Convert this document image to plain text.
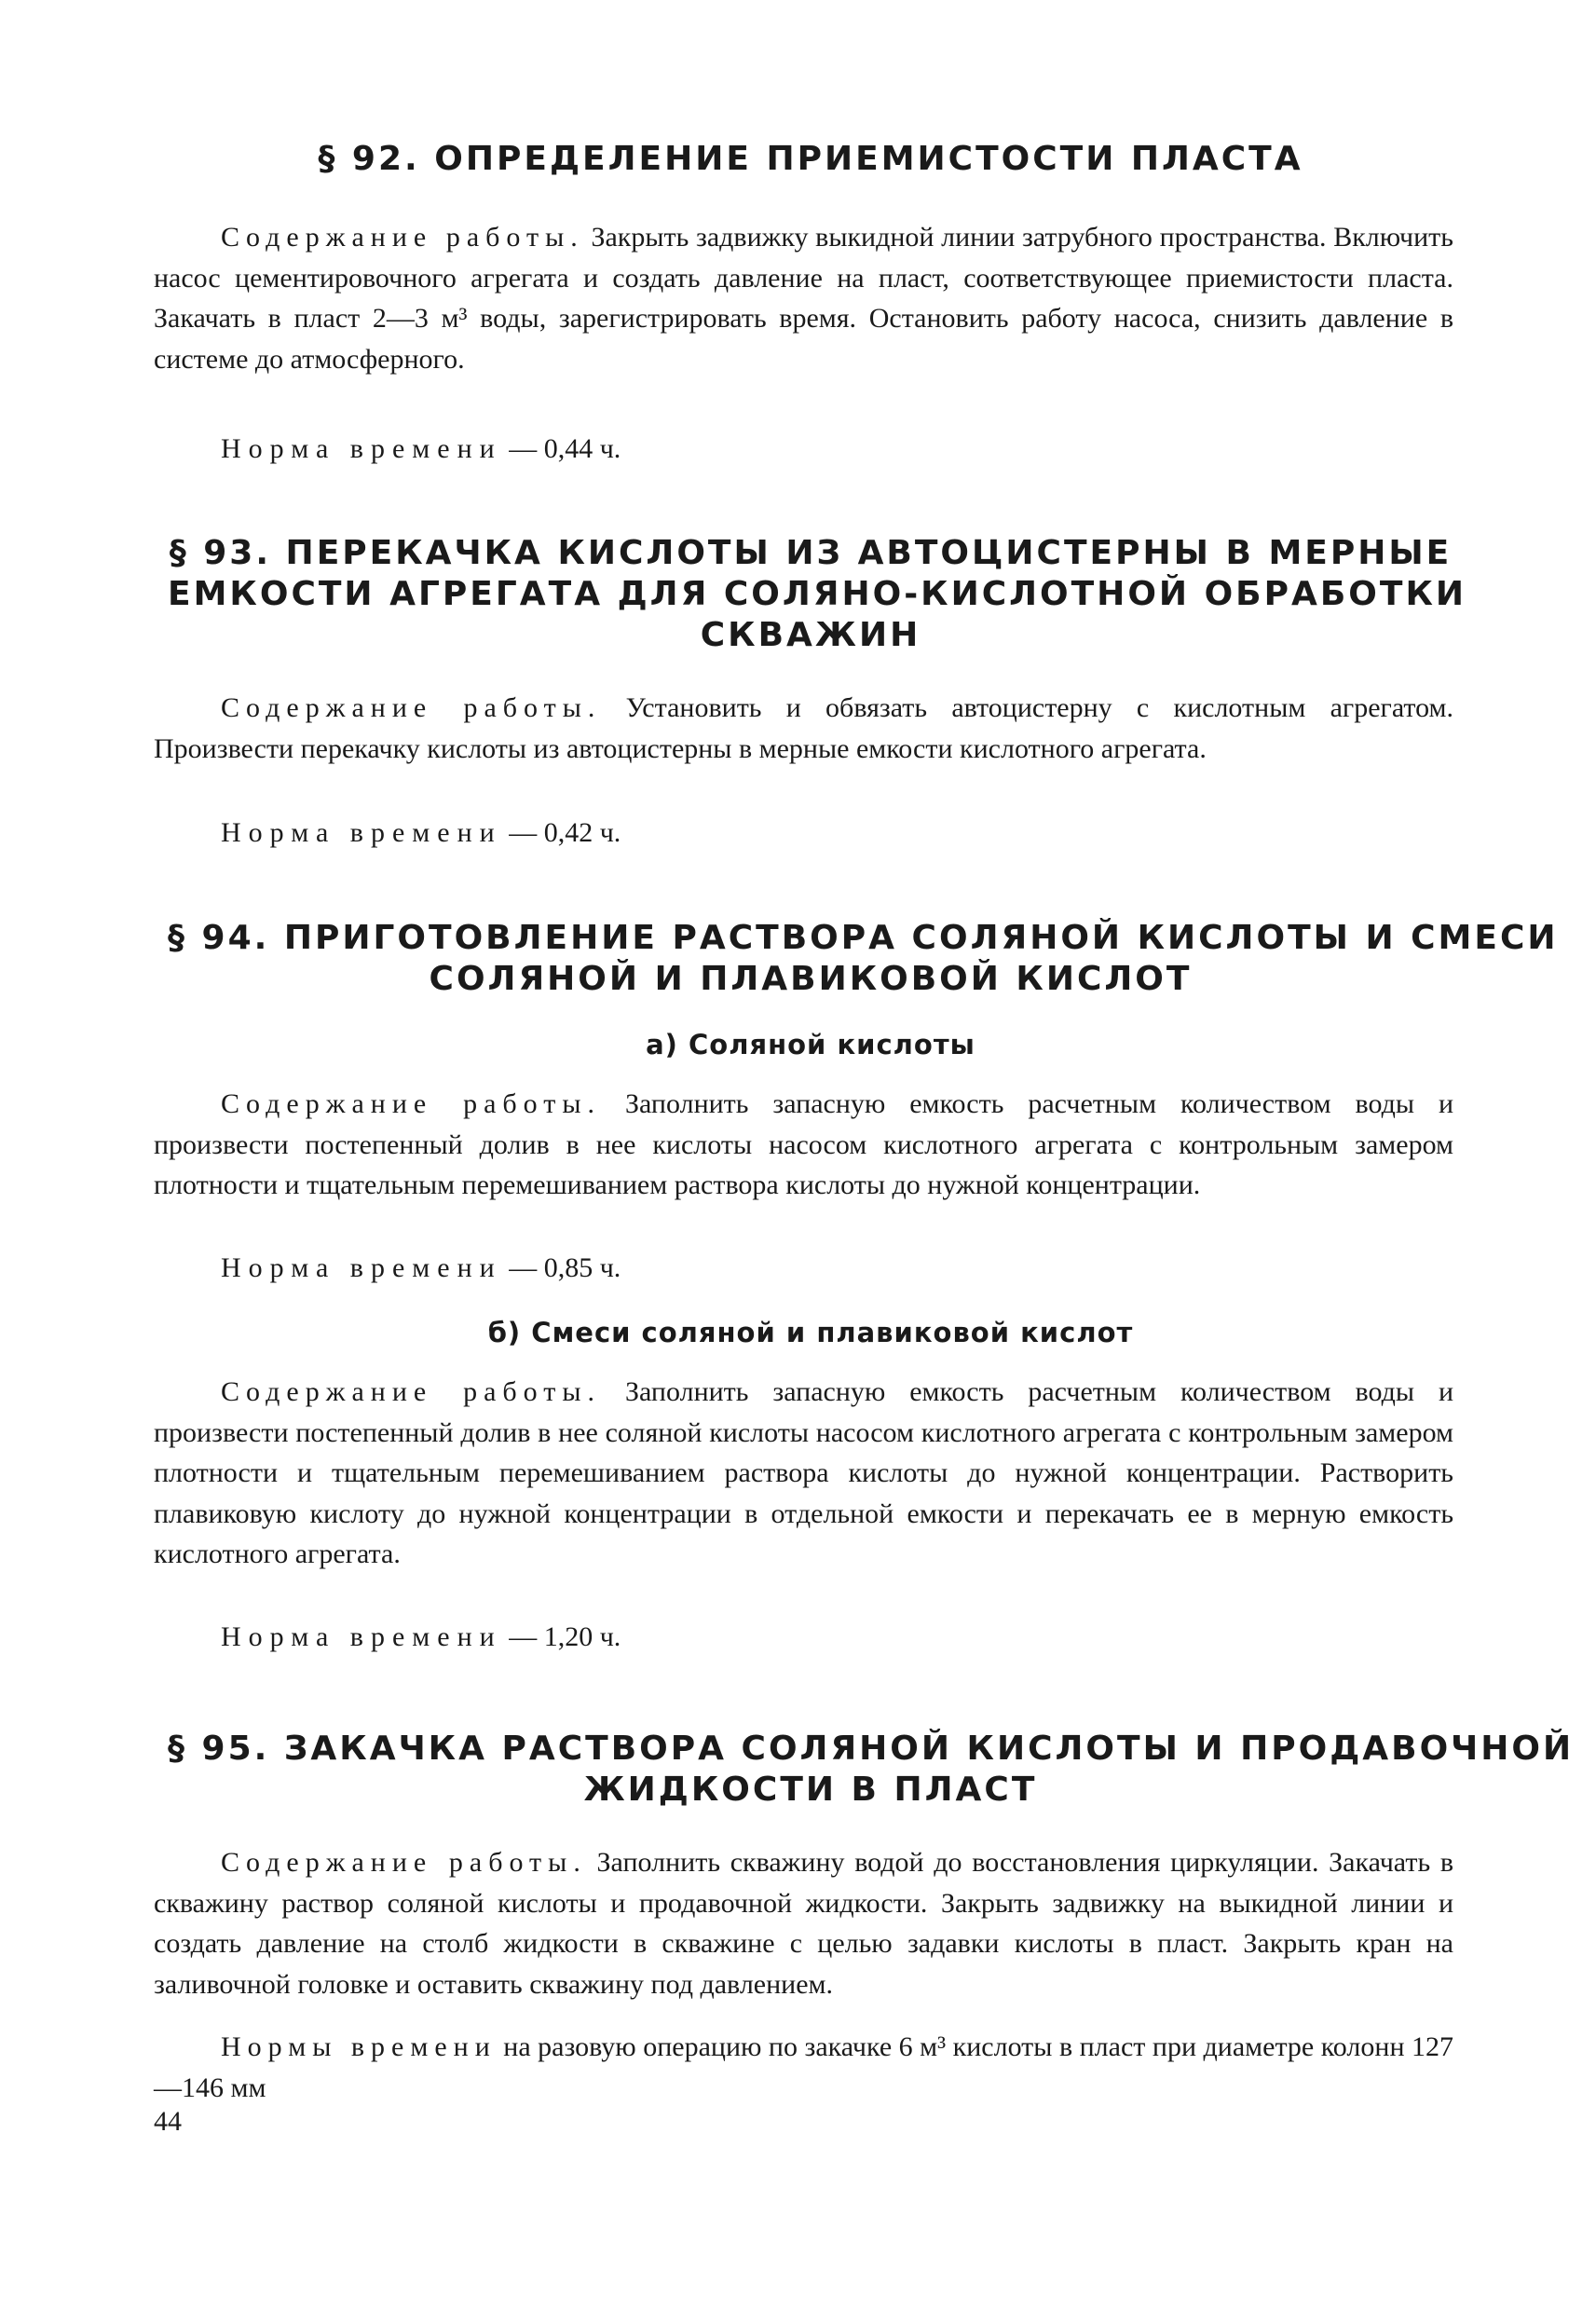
§ 92. ОПРЕДЕЛЕНИЕ ПРИЕМИСТОСТИ ПЛАСТА

Содержание работы. Закрыть задвижку выкидной линии затрубного пространства. Включить насос цементировочного агрегата и создать давление на пласт, соответствующее приемистости пласта. Закачать в пласт 2—3 м³ воды, зарегистрировать время. Остановить работу насоса, снизить давление в системе до атмосферного.

Норма времени — 0,44 ч.

§ 93. ПЕРЕКАЧКА КИСЛОТЫ ИЗ АВТОЦИСТЕРНЫ В МЕРНЫЕ
ЕМКОСТИ АГРЕГАТА ДЛЯ СОЛЯНО-КИСЛОТНОЙ ОБРАБОТКИ
СКВАЖИН

Содержание работы. Установить и обвязать автоцистерну с кислотным агрегатом. Произвести перекачку кислоты из автоцистерны в мерные емкости кислотного агрегата.

Норма времени — 0,42 ч.

§ 94. ПРИГОТОВЛЕНИЕ РАСТВОРА СОЛЯНОЙ КИСЛОТЫ И СМЕСИ
СОЛЯНОЙ И ПЛАВИКОВОЙ КИСЛОТ
а) Соляной кислоты

Содержание работы. Заполнить запасную емкость расчетным количеством воды и произвести постепенный долив в нее кислоты насосом кислотного агрегата с контрольным замером плотности и тщательным перемешиванием раствора кислоты до нужной концентрации.

Норма времени — 0,85 ч.

б) Смеси соляной и плавиковой кислот

Содержание работы. Заполнить запасную емкость расчетным количеством воды и произвести постепенный долив в нее соляной кислоты насосом кислотного агрегата с контрольным замером плотности и тщательным перемешиванием раствора кислоты до нужной концентрации. Растворить плавиковую кислоту до нужной концентрации в отдельной емкости и перекачать ее в мерную емкость кислотного агрегата.

Норма времени — 1,20 ч.

§ 95. ЗАКАЧКА РАСТВОРА СОЛЯНОЙ КИСЛОТЫ И ПРОДАВОЧНОЙ
ЖИДКОСТИ В ПЛАСТ

Содержание работы. Заполнить скважину водой до восстановления циркуляции. Закачать в скважину раствор соляной кислоты и продавочной жидкости. Закрыть задвижку на выкидной линии и создать давление на столб жидкости в скважине с целью задавки кислоты в пласт. Закрыть кран на заливочной головке и оставить скважину под давлением.

Нормы времени на разовую операцию по закачке 6 м³ кислоты в пласт при диаметре колонн 127—146 мм

44
